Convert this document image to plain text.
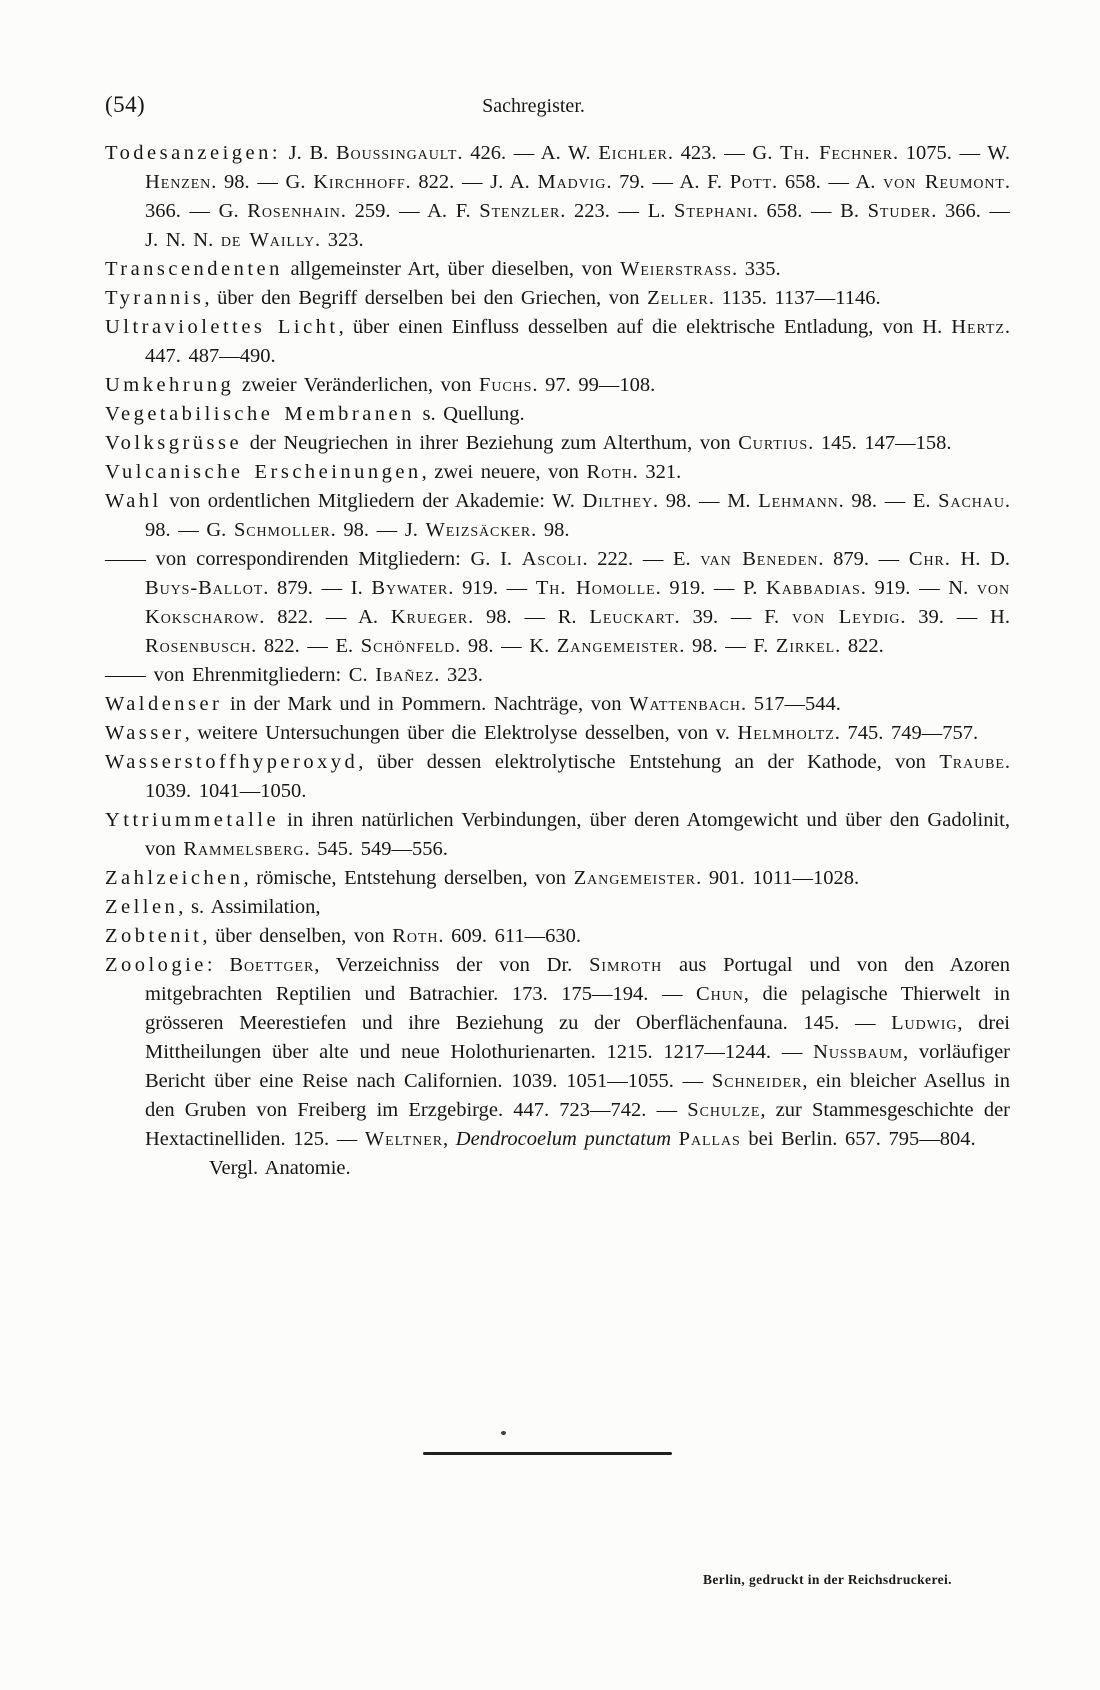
(54)	Sachregister.

Todesanzeigen: J. B. Boussingault. 426. — A. W. Eichler. 423. — G. Th. Fechner. 1075. — W. Henzen. 98. — G. Kirchhoff. 822. — J. A. Madvig. 79. — A. F. Pott. 658. — A. von Reumont. 366. — G. Rosenhain. 259. — A. F. Stenzler. 223. — L. Stephani. 658. — B. Studer. 366. — J. N. N. de Wailly. 323.

Transcendenten allgemeinster Art, über dieselben, von Weierstrass. 335.

Tyrannis, über den Begriff derselben bei den Griechen, von Zeller. 1135. 1137—1146.

Ultraviolettes Licht, über einen Einfluss desselben auf die elektrische Entladung, von H. Hertz. 447. 487—490.

Umkehrung zweier Veränderlichen, von Fuchs. 97. 99—108.

Vegetabilische Membranen s. Quellung.

Volksgrüsse der Neugriechen in ihrer Beziehung zum Alterthum, von Curtius. 145. 147—158.

Vulcanische Erscheinungen, zwei neuere, von Roth. 321.

Wahl von ordentlichen Mitgliedern der Akademie: W. Dilthey. 98. — M. Lehmann. 98. — E. Sachau. 98. — G. Schmoller. 98. — J. Weizsäcker. 98.

—— von correspondirenden Mitgliedern: G. I. Ascoli. 222. — E. van Beneden. 879. — Chr. H. D. Buys-Ballot. 879. — I. Bywater. 919. — Th. Homolle. 919. — P. Kabbadias. 919. — N. von Kokscharow. 822. — A. Krueger. 98. — R. Leuckart. 39. — F. von Leydig. 39. — H. Rosenbusch. 822. — E. Schönfeld. 98. — K. Zangemeister. 98. — F. Zirkel. 822.

—— von Ehrenmitgliedern: C. Ibañez. 323.

Waldenser in der Mark und in Pommern. Nachträge, von Wattenbach. 517—544.

Wasser, weitere Untersuchungen über die Elektrolyse desselben, von v. Helmholtz. 745. 749—757.

Wasserstoffhyperoxyd, über dessen elektrolytische Entstehung an der Kathode, von Traube. 1039. 1041—1050.

Yttriummetalle in ihren natürlichen Verbindungen, über deren Atomgewicht und über den Gadolinit, von Rammelsberg. 545. 549—556.

Zahlzeichen, römische, Entstehung derselben, von Zangemeister. 901. 1011—1028.

Zellen, s. Assimilation,

Zobtenit, über denselben, von Roth. 609. 611—630.

Zoologie: Boettger, Verzeichniss der von Dr. Simroth aus Portugal und von den Azoren mitgebrachten Reptilien und Batrachier. 173. 175—194. — Chun, die pelagische Thierwelt in grösseren Meerestiefen und ihre Beziehung zu der Oberflächenfauna. 145. — Ludwig, drei Mittheilungen über alte und neue Holothurienarten. 1215. 1217—1244. — Nussbaum, vorläufiger Bericht über eine Reise nach Californien. 1039. 1051—1055. — Schneider, ein bleicher Asellus in den Gruben von Freiberg im Erzgebirge. 447. 723—742. — Schulze, zur Stammesgeschichte der Hextactinelliden. 125. — Weltner, Dendrocoelum punctatum Pallas bei Berlin. 657. 795—804.

Vergl. Anatomie.

Berlin, gedruckt in der Reichsdruckerei.
